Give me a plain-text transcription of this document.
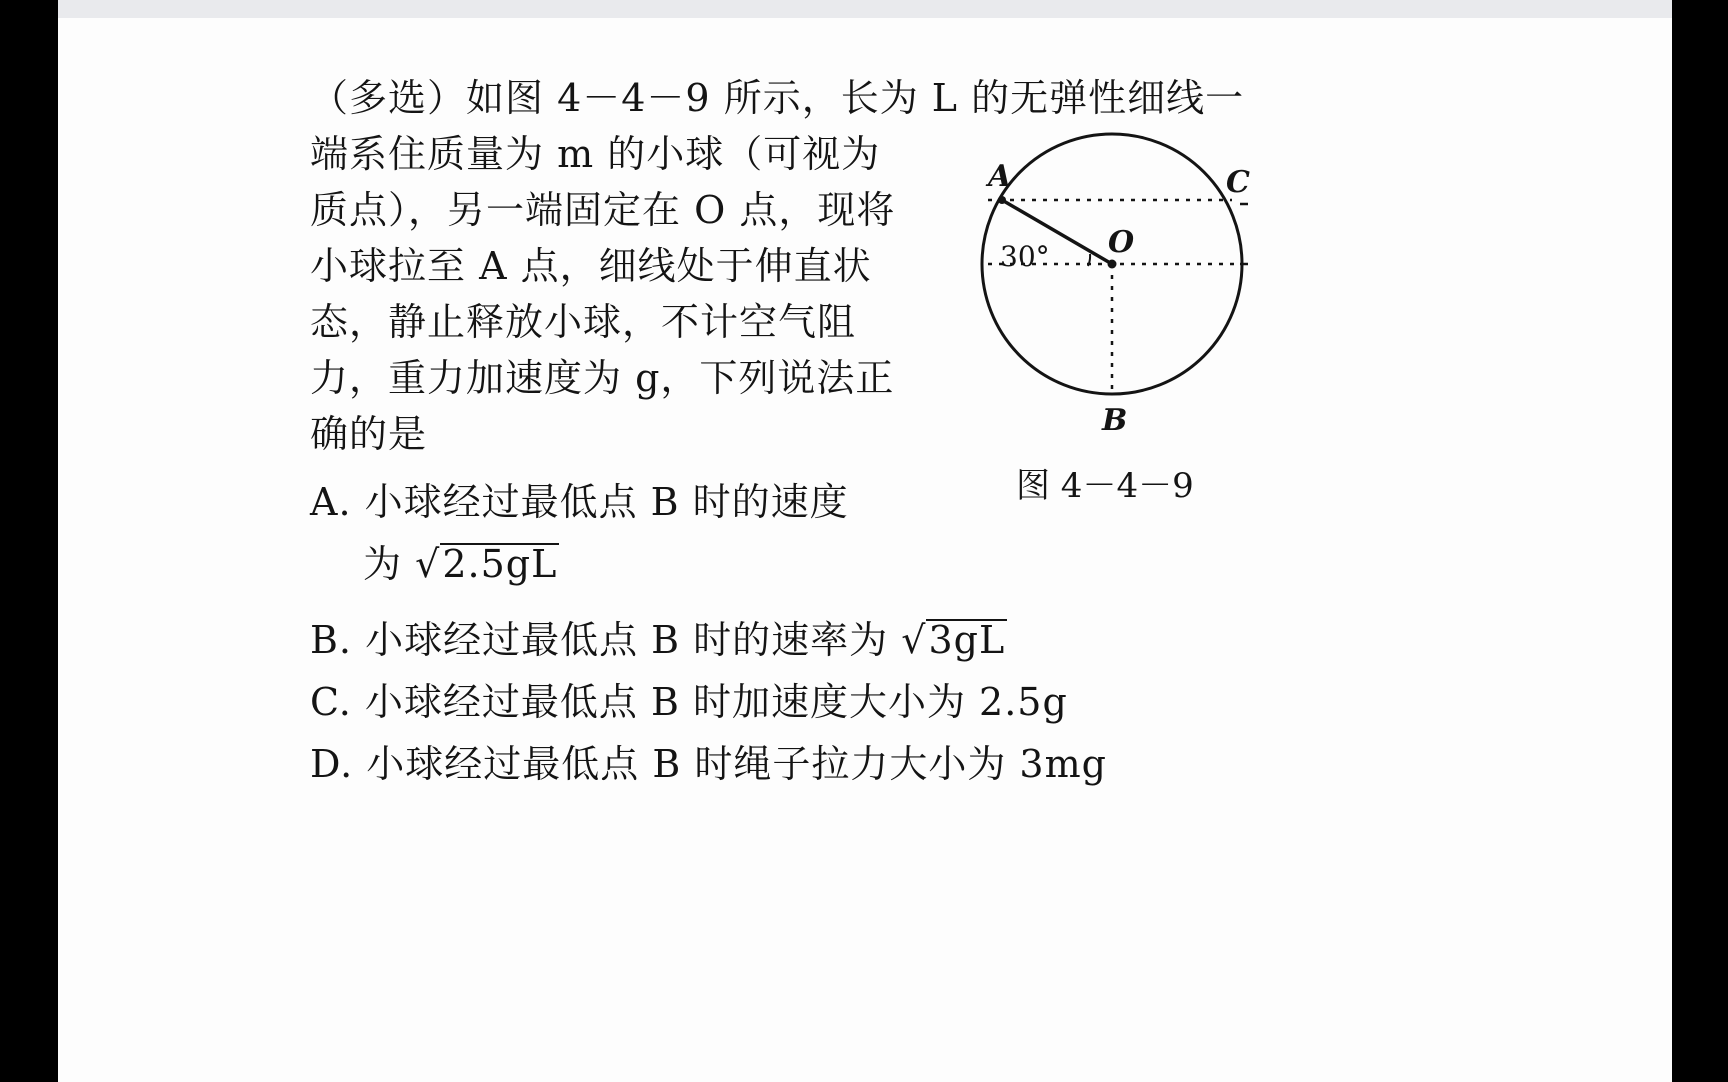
（多选）如图 4－4－9 所示，长为 L 的无弹性细线一
端系住质量为 m 的小球（可视为
质点），另一端固定在 O 点，现将
小球拉至 A 点，细线处于伸直状
态，静止释放小球，不计空气阻
力，重力加速度为 g，下列说法正
确的是
A. 小球经过最低点 B 时的速度
为 √2.5gL
B. 小球经过最低点 B 时的速率为 √3gL
C. 小球经过最低点 B 时加速度大小为 2.5g
D. 小球经过最低点 B 时绳子拉力大小为 3mg
A	C
O
B
30°
图 4－4－9
